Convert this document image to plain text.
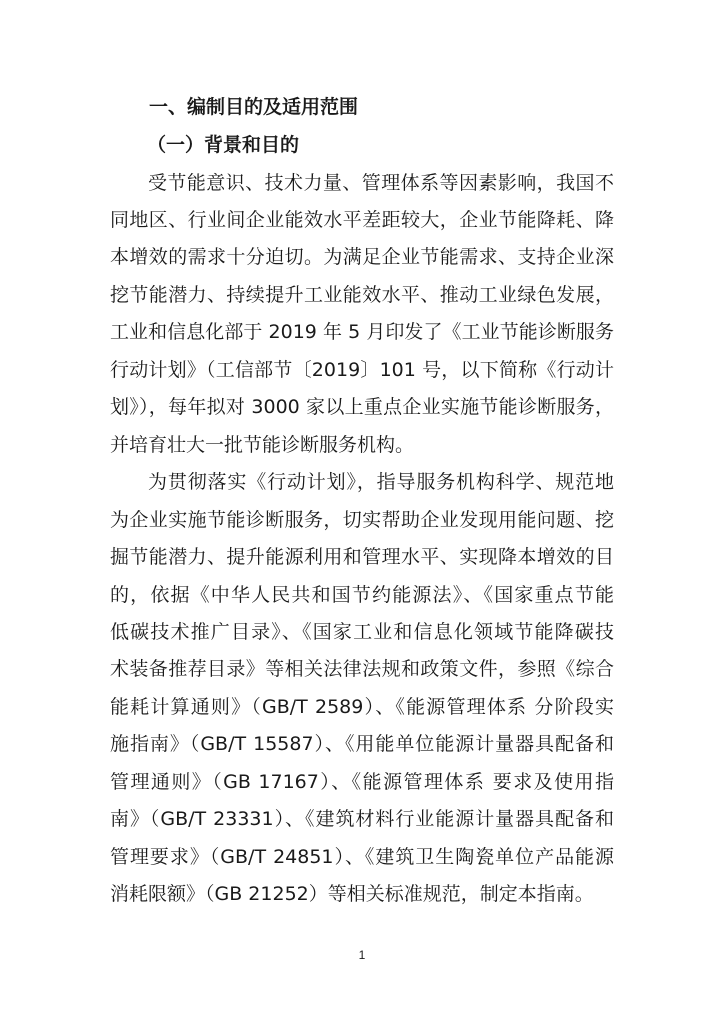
一、编制目的及适用范围
（一）背景和目的
受节能意识、技术力量、管理体系等因素影响，我国不
同地区、行业间企业能效水平差距较大，企业节能降耗、降
本增效的需求十分迫切。为满足企业节能需求、支持企业深
挖节能潜力、持续提升工业能效水平、推动工业绿色发展，
工业和信息化部于 2019 年 5 月印发了《工业节能诊断服务
行动计划》（工信部节〔2019〕101 号，以下简称《行动计
划》），每年拟对 3000 家以上重点企业实施节能诊断服务，
并培育壮大一批节能诊断服务机构。
为贯彻落实《行动计划》，指导服务机构科学、规范地
为企业实施节能诊断服务，切实帮助企业发现用能问题、挖
掘节能潜力、提升能源利用和管理水平、实现降本增效的目
的，依据《中华人民共和国节约能源法》、《国家重点节能
低碳技术推广目录》、《国家工业和信息化领域节能降碳技
术装备推荐目录》等相关法律法规和政策文件，参照《综合
能耗计算通则》（GB/T 2589）、《能源管理体系 分阶段实
施指南》（GB/T 15587）、《用能单位能源计量器具配备和
管理通则》（GB 17167）、《能源管理体系 要求及使用指
南》（GB/T 23331）、《建筑材料行业能源计量器具配备和
管理要求》（GB/T 24851）、《建筑卫生陶瓷单位产品能源
消耗限额》（GB 21252）等相关标准规范，制定本指南。
1
